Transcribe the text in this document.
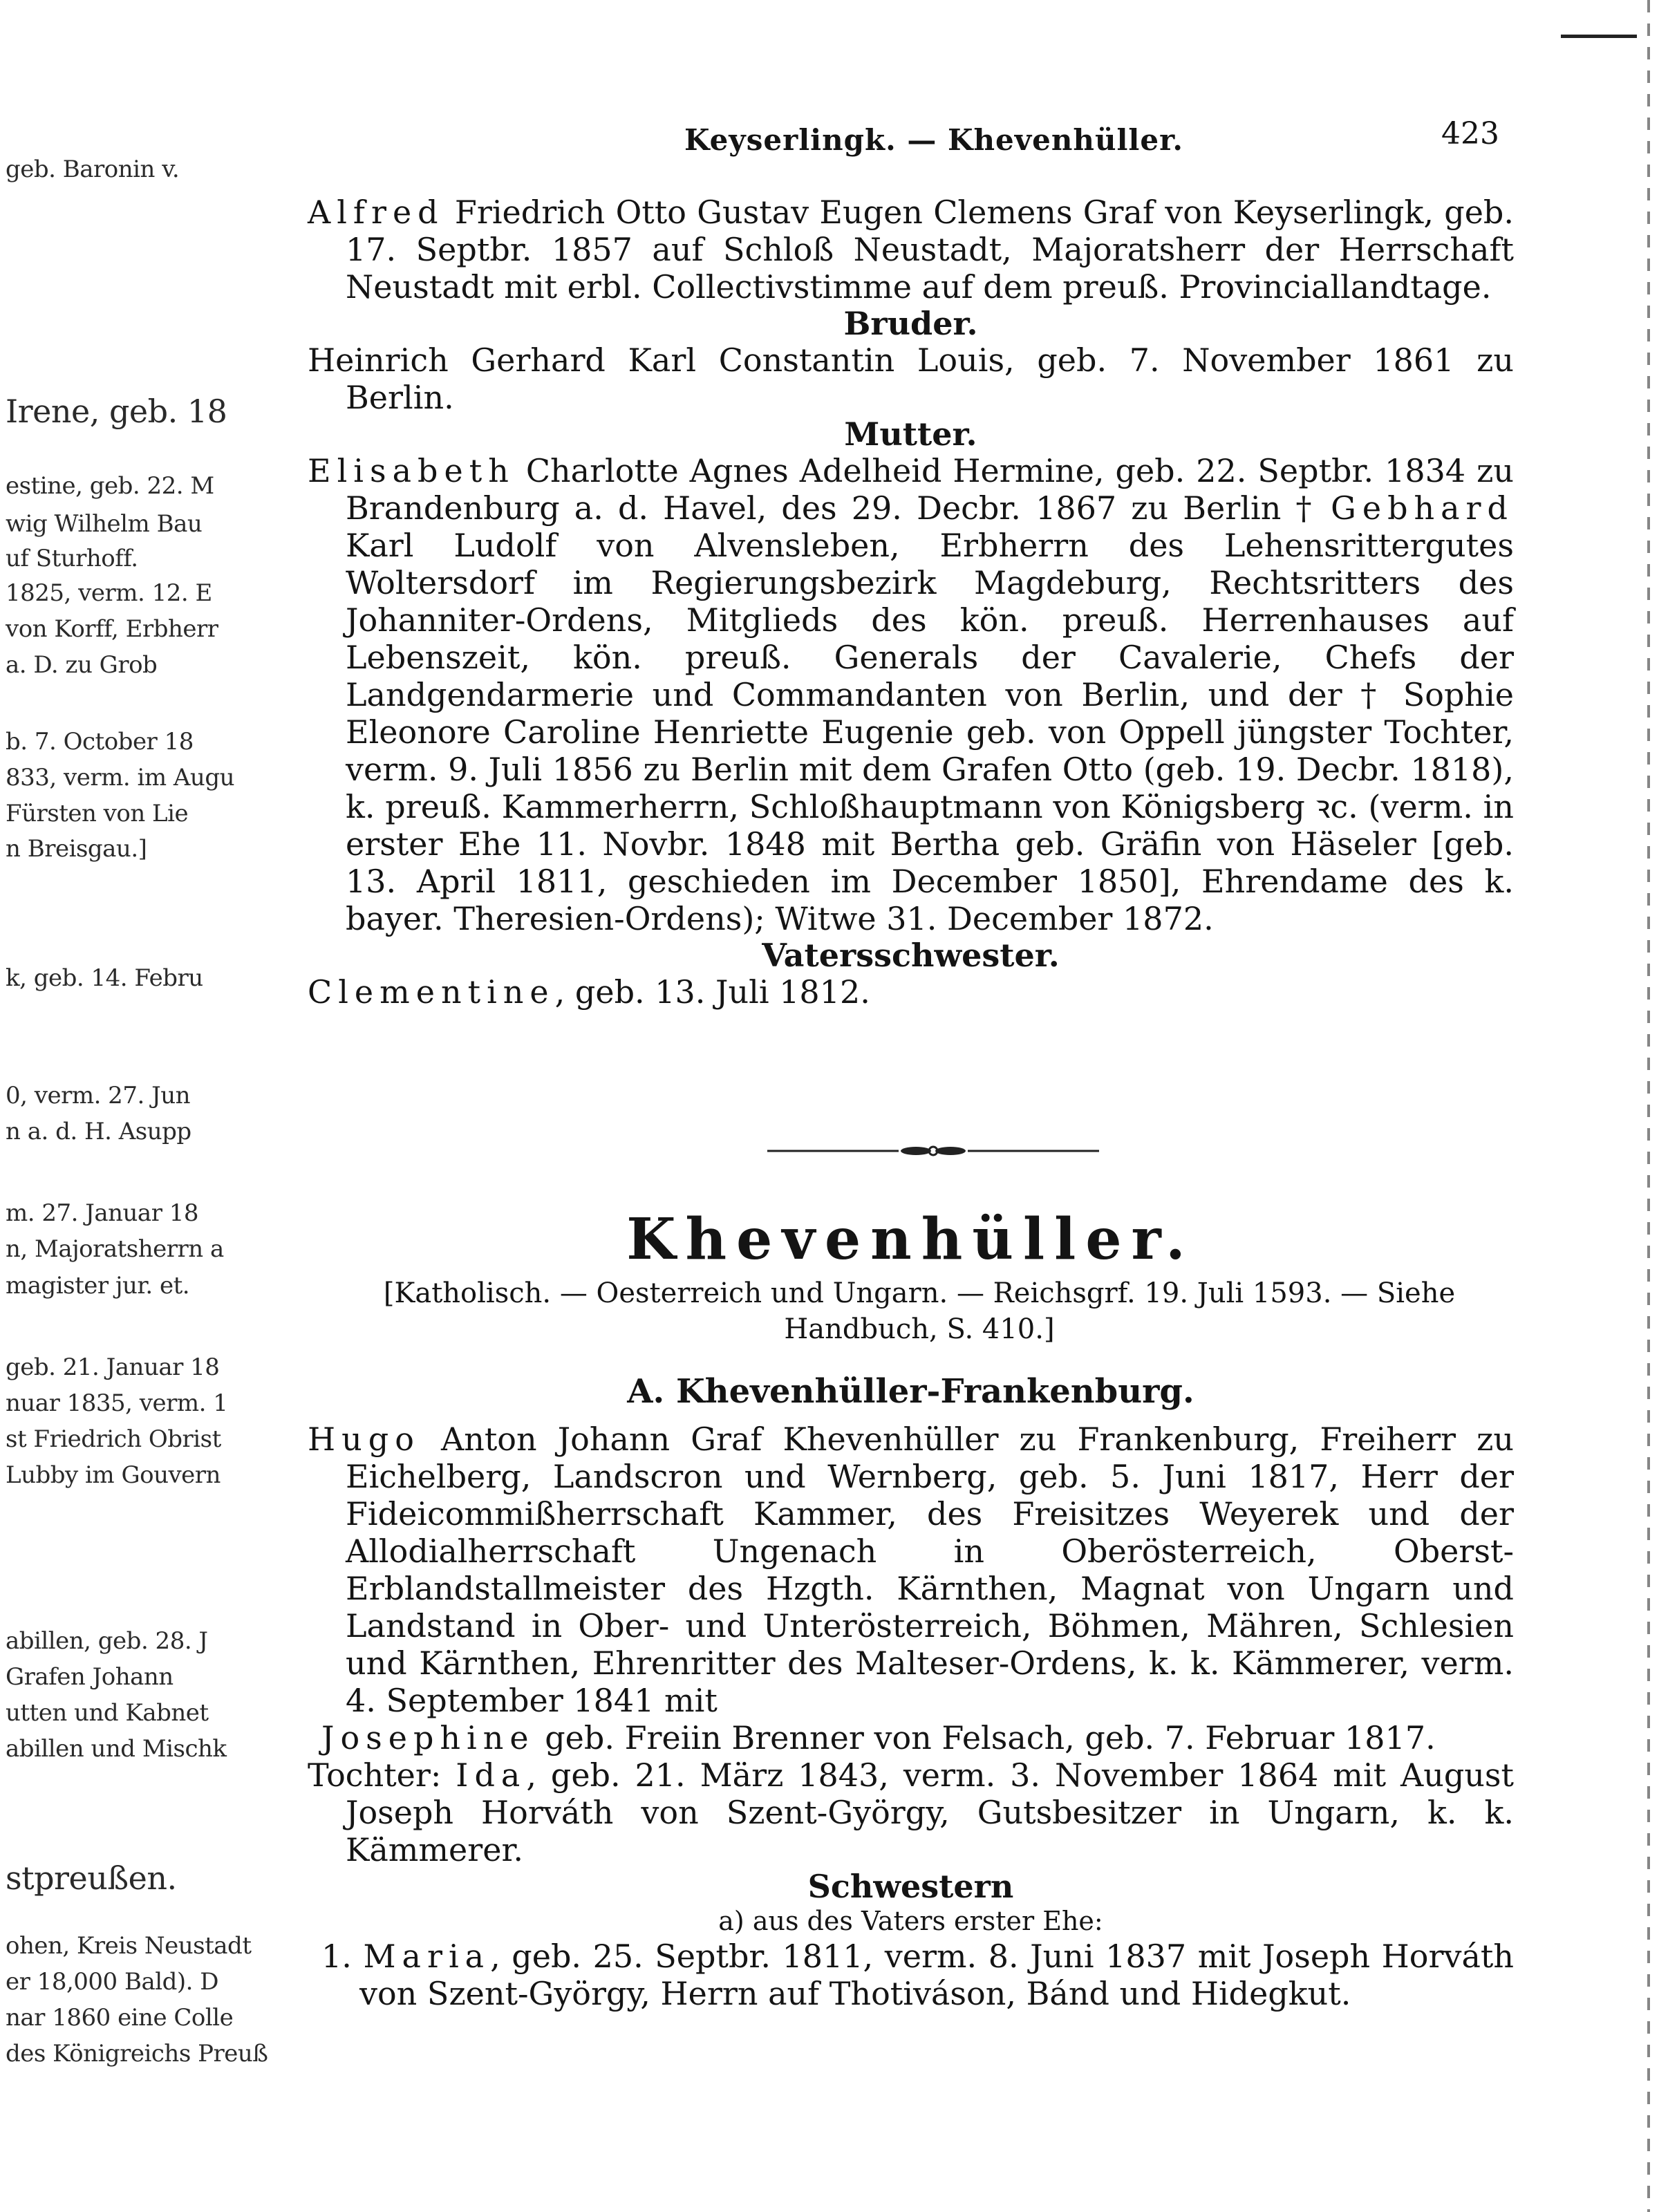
geb. Baronin v.
Irene, geb. 18
estine, geb. 22. M
wig Wilhelm Bau
uf Sturhoff.
1825, verm. 12. E
von Korff, Erbherr
a. D. zu Grob
b. 7. October 18
833, verm. im Augu
Fürsten von Lie
n Breisgau.]
k, geb. 14. Febru
0, verm. 27. Jun
n a. d. H. Asupp
m. 27. Januar 18
n, Majoratsherrn a
magister jur. et.
geb. 21. Januar 18
nuar 1835, verm. 1
st Friedrich Obrist
Lubby im Gouvern
abillen, geb. 28. J
Grafen Johann
utten und Kabnet
abillen und Mischk
stpreußen.
ohen, Kreis Neustadt
er 18,000 Bald). D
nar 1860 eine Colle
des Königreichs Preuß
Keyserlingk. — Khevenhüller.	423

Alfred Friedrich Otto Gustav Eugen Clemens Graf von Keyserlingk, geb. 17. Septbr. 1857 auf Schloß Neustadt, Majoratsherr der Herrschaft Neustadt mit erbl. Collectivstimme auf dem preuß. Provinciallandtage.

Bruder.

Heinrich Gerhard Karl Constantin Louis, geb. 7. November 1861 zu Berlin.

Mutter.

Elisabeth Charlotte Agnes Adelheid Hermine, geb. 22. Septbr. 1834 zu Brandenburg a. d. Havel, des 29. Decbr. 1867 zu Berlin † Gebhard Karl Ludolf von Alvensleben, Erbherrn des Lehensrittergutes Woltersdorf im Regierungsbezirk Magdeburg, Rechtsritters des Johanniter-Ordens, Mitglieds des kön. preuß. Herrenhauses auf Lebenszeit, kön. preuß. Generals der Cavalerie, Chefs der Landgendarmerie und Commandanten von Berlin, und der † Sophie Eleonore Caroline Henriette Eugenie geb. von Oppell jüngster Tochter, verm. 9. Juli 1856 zu Berlin mit dem Grafen Otto (geb. 19. Decbr. 1818), k. preuß. Kammerherrn, Schloßhauptmann von Königsberg ꝛc. (verm. in erster Ehe 11. Novbr. 1848 mit Bertha geb. Gräfin von Häseler [geb. 13. April 1811, geschieden im December 1850], Ehrendame des k. bayer. Theresien-Ordens); Witwe 31. December 1872.

Vatersschwester.

Clementine, geb. 13. Juli 1812.

Khevenhüller.
[Katholisch. — Oesterreich und Ungarn. — Reichsgrf. 19. Juli 1593. — Siehe Handbuch, S. 410.]
A. Khevenhüller-Frankenburg.

Hugo Anton Johann Graf Khevenhüller zu Frankenburg, Freiherr zu Eichelberg, Landscron und Wernberg, geb. 5. Juni 1817, Herr der Fideicommißherrschaft Kammer, des Freisitzes Weyerek und der Allodialherrschaft Ungenach in Oberösterreich, Oberst-Erblandstallmeister des Hzgth. Kärnthen, Magnat von Ungarn und Landstand in Ober- und Unterösterreich, Böhmen, Mähren, Schlesien und Kärnthen, Ehrenritter des Malteser-Ordens, k. k. Kämmerer, verm. 4. September 1841 mit

Josephine geb. Freiin Brenner von Felsach, geb. 7. Februar 1817.

Tochter: Ida, geb. 21. März 1843, verm. 3. November 1864 mit August Joseph Horváth von Szent-György, Gutsbesitzer in Ungarn, k. k. Kämmerer.

Schwestern
a) aus des Vaters erster Ehe:

1. Maria, geb. 25. Septbr. 1811, verm. 8. Juni 1837 mit Joseph Horváth von Szent-György, Herrn auf Thotiváson, Bánd und Hidegkut.
